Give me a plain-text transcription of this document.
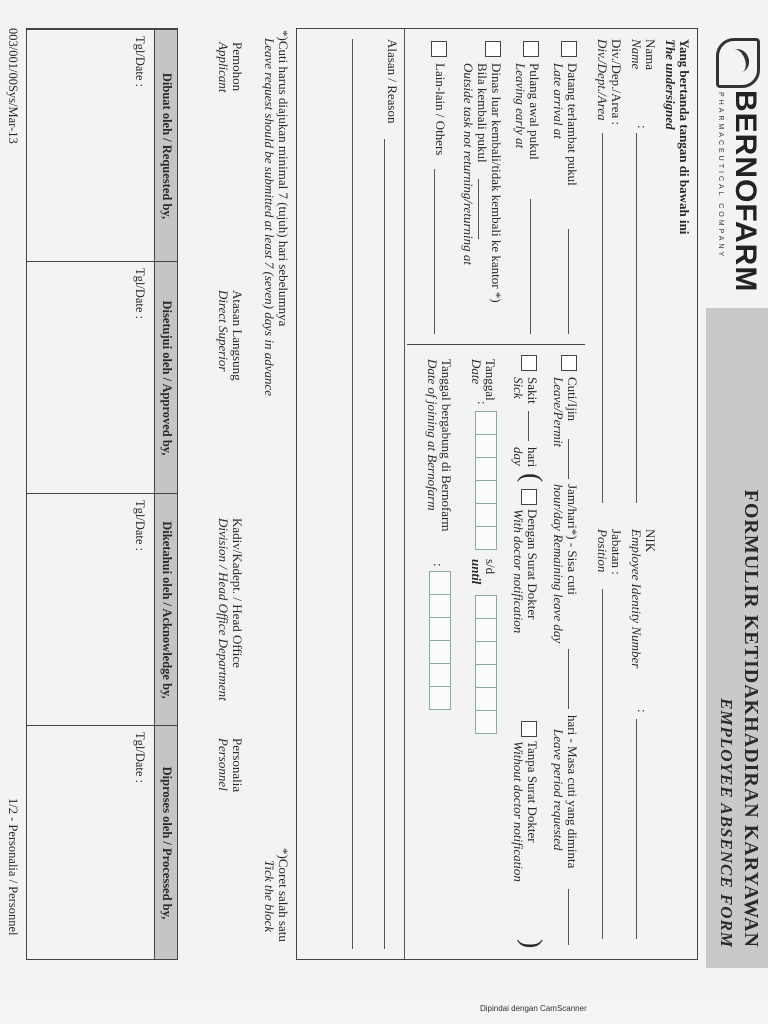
BERNOFARM
PHARMACEUTICAL COMPANY
FORMULIR KETIDAKHADIRAN KARYAWAN
EMPLOYEE ABSENCE FORM
Yang bertanda tangan di bawah ini
The undersigned
Nama
Name
:
NIK
Employee Identity Number
:
Div./Dep./Area :
Div./Dept./Area
Jabatan :
Position
Datang terlambat pukul
Late arrival at
Pulang awal pukul
Leaving early at
Dinas luar kembali/tidak kembali ke kantor *)
Bila kembali pukul
Outside task not returning/returning at
Lain-lain / Others
Cuti/Ijin
Leave/Permit
Jam/hari*) - Sisa cuti
hour/day Remaining leave day
hari - Masa cuti yang diminta
Leave period requested
Sakit
Sick
hari
day
(
Dengan Surat Dokter
With doctor notification
Tanpa Surat Dokter
Without doctor notification
)
Tanggal
Date
:
s/d
until
Tanggal bergabung di Bernofarm
Date of joining at Bernofarm
:
Alasan / Reason
*)Cuti harus diajukan minimal 7 (tujuh) hari sebelumnya
Leave request should be submitted at least 7 (seven) days in advance
*)Coret salah satu
Tick the block
Pemohon
Applicant
Atasan Langsung
Direct Superior
Kadiv/Kadept. / Head Office
Division / Head Office Department
Personalia
Personnel
Dibuat oleh / Requested by,
Tgl/Date :
Disetujui oleh / Approved by,
Tgl/Date :
Diketahui oleh / Acknowledge by,
Tgl/Date :
Diproses oleh / Processed by,
Tgl/Date :
003/001/00Sys/Mar-13
1/2 - Personalia / Personnel
Dipindai dengan CamScanner
